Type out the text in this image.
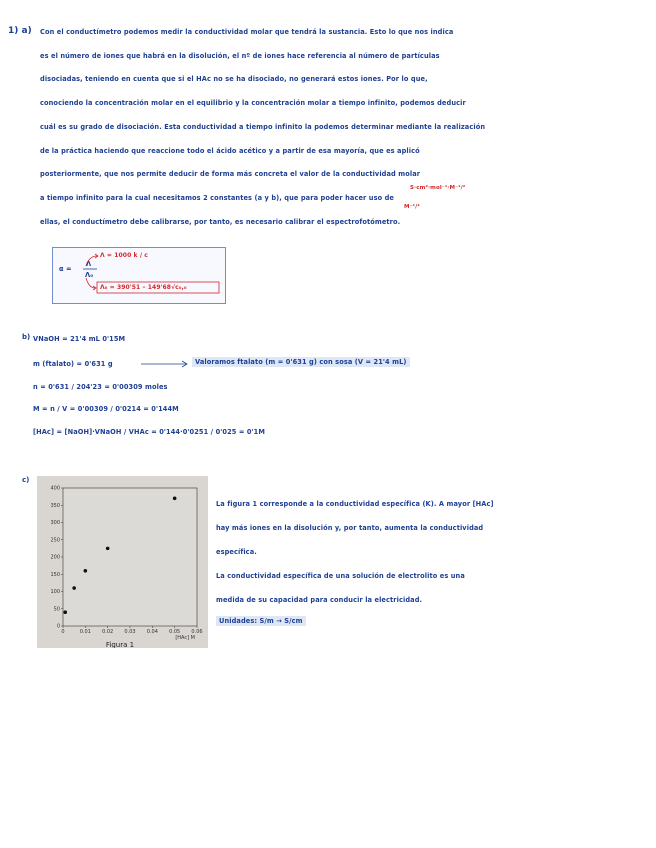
1) a) Con el conductímetro podemos medir la conductividad molar que tendrá la sustancia. Esto lo que nos indica
es el número de iones que habrá en la disolución, el nº de iones hace referencia al número de partículas
disociadas, teniendo en cuenta que si el HAc no se ha disociado, no generará estos iones. Por lo que,
conociendo la concentración molar en el equilibrio y la concentración molar a tiempo infinito, podemos deducir
cuál es su grado de disociación. Esta conductividad a tiempo infinito la podemos determinar mediante la realización
de la práctica haciendo que reaccione todo el ácido acético y a partir de esa mayoría, que es aplicó
posteriormente, que nos permite deducir de forma más concreta el valor de la conductividad molar
a tiempo infinito para la cual necesitamos 2 constantes (a y b), que para poder hacer uso de
ellas, el conductímetro debe calibrarse, por tanto, es necesario calibrar el espectrofotómetro.
S·cm²·mol⁻¹·M⁻¹/²
M⁻¹/²
α =
Λ
Λ₀
Λ = 1000 k / c
Λ₀ = 390'51 – 149'68√c₀,₀
b) VNaOH = 21'4 mL 0'15M
m (ftalato) = 0'631 g	Valoramos ftalato (m = 0'631 g) con sosa (V = 21'4 mL)
n = 0'631 / 204'23 = 0'00309 moles
M = n / V = 0'00309 / 0'0214 = 0'144M
[HAc] = [NaOH]·VNaOH / VHAc = 0'144·0'0251 / 0'025 = 0'1M
c)
0
50
100
150
200
250
300
350
400
0	0.01 0.02 0.03 0.04 0.05 0.06
[HAc] M
Figura 1
La figura 1 corresponde a la conductividad específica (K). A mayor [HAc]
hay más iones en la disolución y, por tanto, aumenta la conductividad
específica.
La conductividad específica de una solución de electrolito es una
medida de su capacidad para conducir la electricidad.
Unidades: S/m → S/cm
